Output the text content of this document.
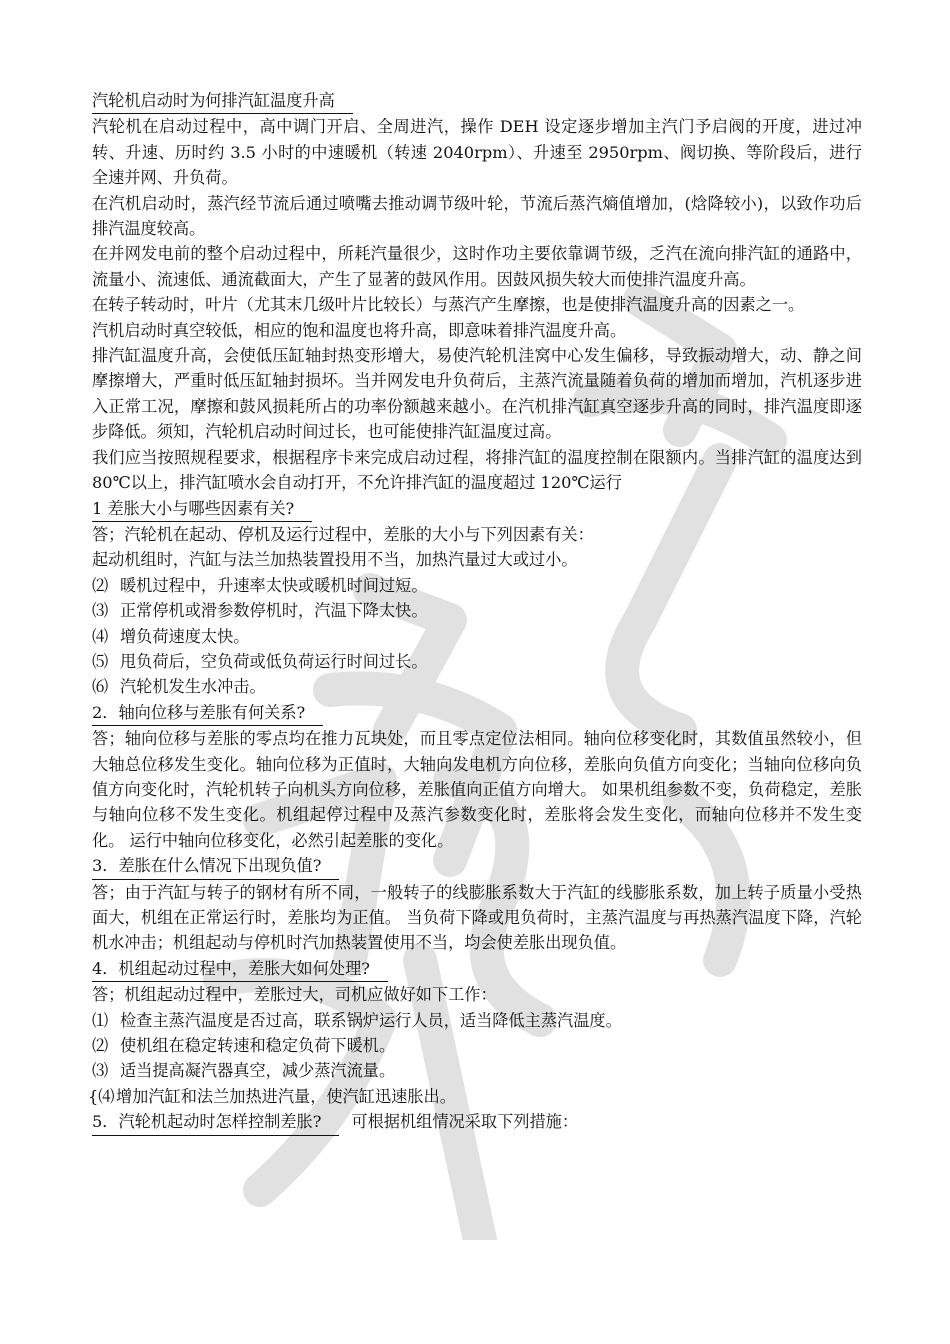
汽轮机启动时为何排汽缸温度升高

汽轮机在启动过程中，高中调门开启、全周进汽，操作 DEH 设定逐步增加主汽门予启阀的开度，进过冲转、升速、历时约 3.5 小时的中速暖机（转速 2040rpm）、升速至 2950rpm、阀切换、等阶段后，进行全速并网、升负荷。

在汽机启动时，蒸汽经节流后通过喷嘴去推动调节级叶轮，节流后蒸汽熵值增加，(焓降较小)，以致作功后排汽温度较高。

在并网发电前的整个启动过程中，所耗汽量很少，这时作功主要依靠调节级，乏汽在流向排汽缸的通路中，流量小、流速低、通流截面大，产生了显著的鼓风作用。因鼓风损失较大而使排汽温度升高。

在转子转动时，叶片（尤其末几级叶片比较长）与蒸汽产生摩擦，也是使排汽温度升高的因素之一。

汽机启动时真空较低，相应的饱和温度也将升高，即意味着排汽温度升高。

排汽缸温度升高，会使低压缸轴封热变形增大，易使汽轮机洼窝中心发生偏移，导致振动增大，动、静之间摩擦增大，严重时低压缸轴封损坏。当并网发电升负荷后，主蒸汽流量随着负荷的增加而增加，汽机逐步进入正常工况，摩擦和鼓风损耗所占的功率份额越来越小。在汽机排汽缸真空逐步升高的同时，排汽温度即逐步降低。须知，汽轮机启动时间过长，也可能使排汽缸温度过高。

我们应当按照规程要求，根据程序卡来完成启动过程，将排汽缸的温度控制在限额内。当排汽缸的温度达到 80℃以上，排汽缸喷水会自动打开，不允许排汽缸的温度超过 120℃运行

1 差胀大小与哪些因素有关?

答；汽轮机在起动、停机及运行过程中，差胀的大小与下列因素有关：

起动机组时，汽缸与法兰加热装置投用不当，加热汽量过大或过小。

⑵ 暖机过程中，升速率太快或暖机时间过短。
⑶ 正常停机或滑参数停机时，汽温下降太快。
⑷ 增负荷速度太快。
⑸ 甩负荷后，空负荷或低负荷运行时间过长。
⑹ 汽轮机发生水冲击。

2．轴向位移与差胀有何关系?

答；轴向位移与差胀的零点均在推力瓦块处，而且零点定位法相同。轴向位移变化时，其数值虽然较小，但大轴总位移发生变化。轴向位移为正值时，大轴向发电机方向位移，差胀向负值方向变化；当轴向位移向负值方向变化时，汽轮机转子向机头方向位移，差胀值向正值方向增大。 如果机组参数不变，负荷稳定，差胀与轴向位移不发生变化。机组起停过程中及蒸汽参数变化时，差胀将会发生变化，而轴向位移并不发生变化。 运行中轴向位移变化，必然引起差胀的变化。

3．差胀在什么情况下出现负值?

答；由于汽缸与转子的钢材有所不同，一般转子的线膨胀系数大于汽缸的线膨胀系数，加上转子质量小受热面大，机组在正常运行时，差胀均为正值。 当负荷下降或甩负荷时，主蒸汽温度与再热蒸汽温度下降，汽轮机水冲击；机组起动与停机时汽加热装置使用不当，均会使差胀出现负值。

4．机组起动过程中，差胀大如何处理?

答；机组起动过程中，差胀过大，司机应做好如下工作：

⑴ 检查主蒸汽温度是否过高，联系锅炉运行人员，适当降低主蒸汽温度。
⑵ 使机组在稳定转速和稳定负荷下暖机。
⑶ 适当提高凝汽器真空，减少蒸汽流量。
{⑷ 增加汽缸和法兰加热进汽量，使汽缸迅速胀出。

5．汽轮机起动时怎样控制差胀? 可根据机组情况采取下列措施：
